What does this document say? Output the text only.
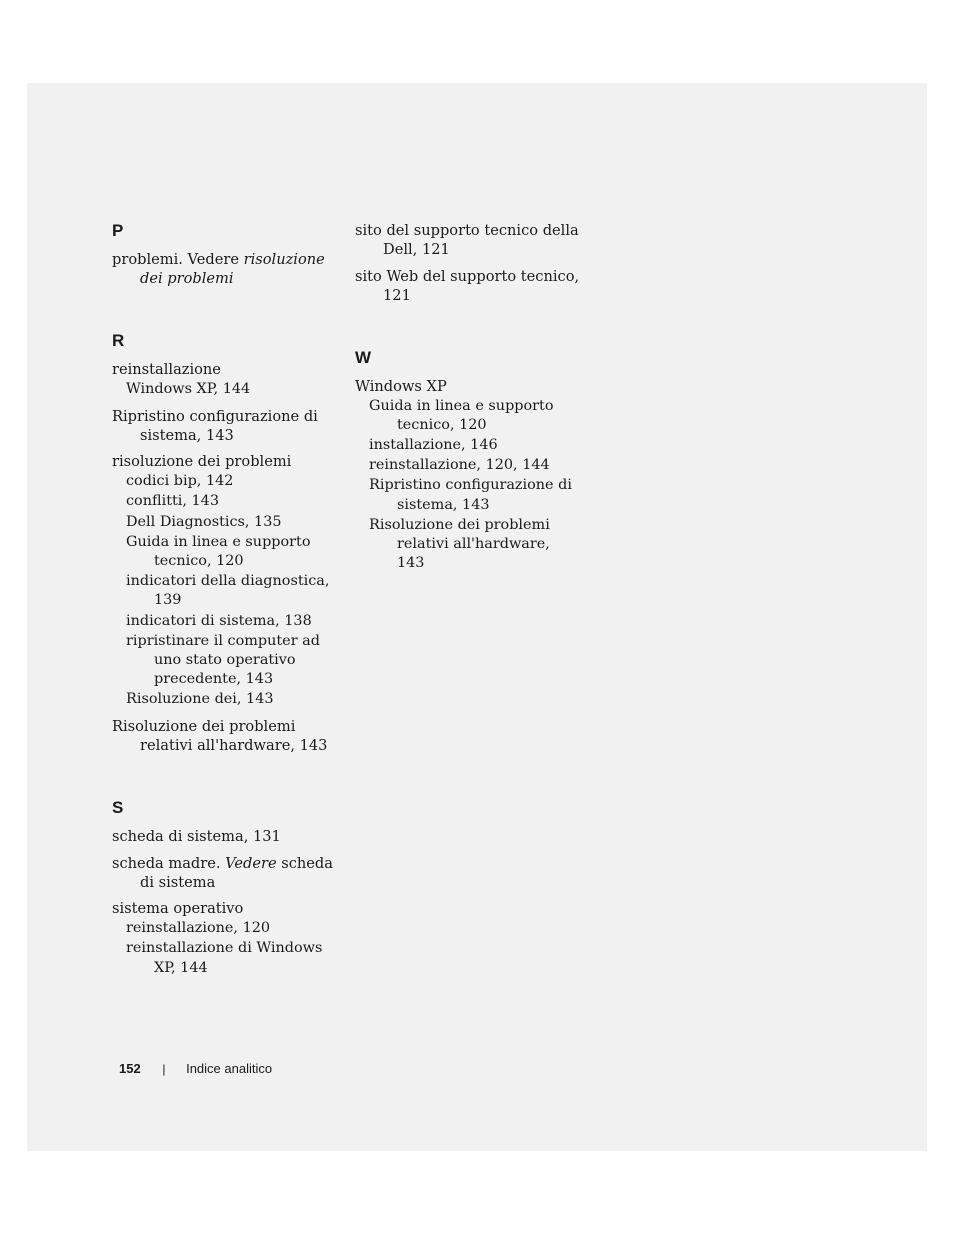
P
problemi. Vedere risoluzione dei problemi
R
reinstallazione
Windows XP, 144
Ripristino configurazione di sistema, 143
risoluzione dei problemi
codici bip, 142
conflitti, 143
Dell Diagnostics, 135
Guida in linea e supporto tecnico, 120
indicatori della diagnostica, 139
indicatori di sistema, 138
ripristinare il computer ad uno stato operativo precedente, 143
Risoluzione dei, 143
Risoluzione dei problemi relativi all'hardware, 143
S
scheda di sistema, 131
scheda madre. Vedere scheda di sistema
sistema operativo
reinstallazione, 120
reinstallazione di Windows XP, 144
sito del supporto tecnico della Dell, 121
sito Web del supporto tecnico, 121
W
Windows XP
Guida in linea e supporto tecnico, 120
installazione, 146
reinstallazione, 120, 144
Ripristino configurazione di sistema, 143
Risoluzione dei problemi relativi all'hardware, 143
152 | Indice analitico
